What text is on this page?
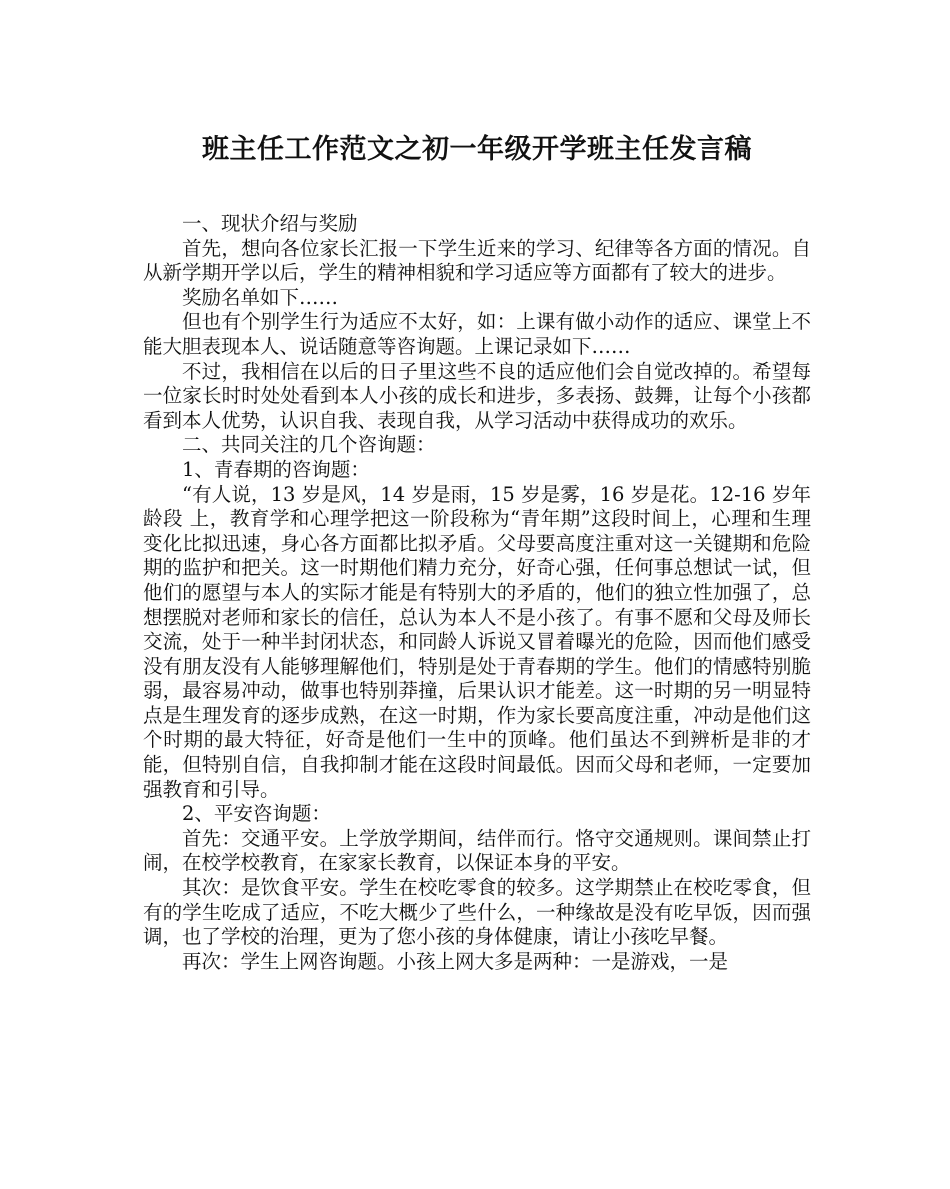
班主任工作范文之初一年级开学班主任发言稿

一、现状介绍与奖励

首先，想向各位家长汇报一下学生近来的学习、纪律等各方面的情况。自从新学期开学以后，学生的精神相貌和学习适应等方面都有了较大的进步。

奖励名单如下……

但也有个别学生行为适应不太好，如：上课有做小动作的适应、课堂上不能大胆表现本人、说话随意等咨询题。上课记录如下……

不过，我相信在以后的日子里这些不良的适应他们会自觉改掉的。希望每一位家长时时处处看到本人小孩的成长和进步，多表扬、鼓舞，让每个小孩都看到本人优势，认识自我、表现自我，从学习活动中获得成功的欢乐。

二、共同关注的几个咨询题：

1、青春期的咨询题：

“有人说，13 岁是风，14 岁是雨，15 岁是雾，16 岁是花。12-16 岁年龄段 上，教育学和心理学把这一阶段称为“青年期”这段时间上，心理和生理变化比拟迅速，身心各方面都比拟矛盾。父母要高度注重对这一关键期和危险期的监护和把关。这一时期他们精力充分，好奇心强，任何事总想试一试，但他们的愿望与本人的实际才能是有特别大的矛盾的，他们的独立性加强了，总想摆脱对老师和家长的信任，总认为本人不是小孩了。有事不愿和父母及师长交流，处于一种半封闭状态，和同龄人诉说又冒着曝光的危险，因而他们感受没有朋友没有人能够理解他们，特别是处于青春期的学生。他们的情感特别脆弱，最容易冲动，做事也特别莽撞，后果认识才能差。这一时期的另一明显特点是生理发育的逐步成熟，在这一时期，作为家长要高度注重，冲动是他们这个时期的最大特征，好奇是他们一生中的顶峰。他们虽达不到辨析是非的才能，但特别自信，自我抑制才能在这段时间最低。因而父母和老师，一定要加强教育和引导。

2、平安咨询题：

首先：交通平安。上学放学期间，结伴而行。恪守交通规则。课间禁止打闹，在校学校教育，在家家长教育，以保证本身的平安。

其次：是饮食平安。学生在校吃零食的较多。这学期禁止在校吃零食，但有的学生吃成了适应，不吃大概少了些什么，一种缘故是没有吃早饭，因而强调，也了学校的治理，更为了您小孩的身体健康，请让小孩吃早餐。

再次：学生上网咨询题。小孩上网大多是两种：一是游戏，一是
